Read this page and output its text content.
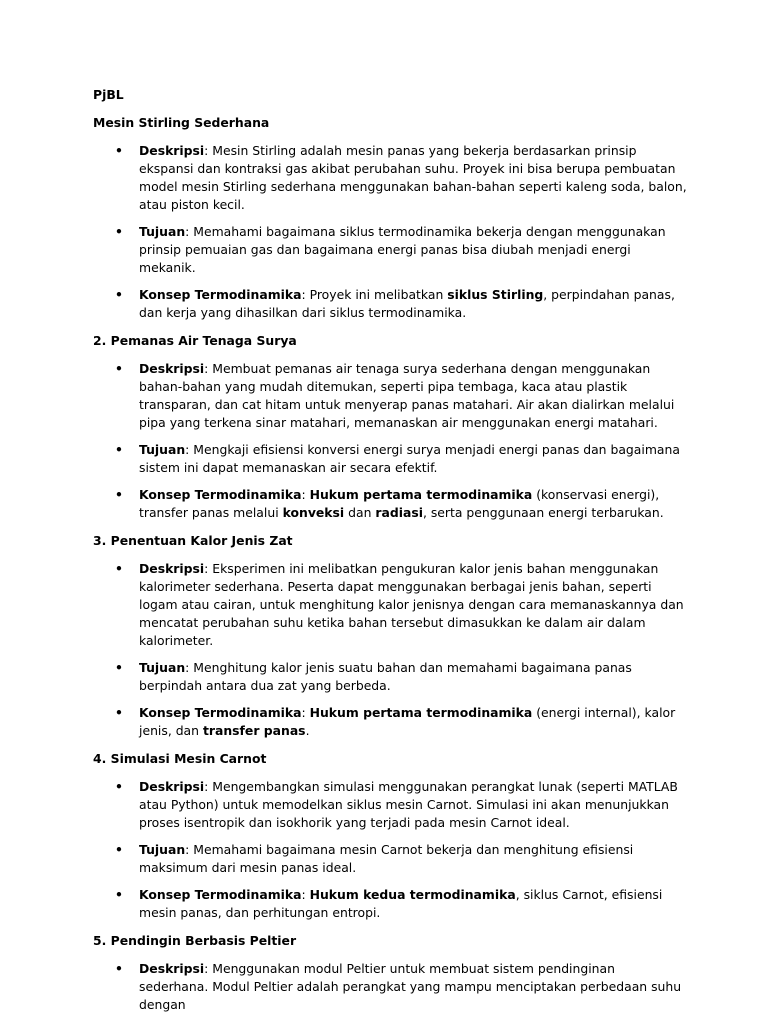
PjBL
Mesin Stirling Sederhana
• Deskripsi: Mesin Stirling adalah mesin panas yang bekerja berdasarkan prinsip ekspansi dan kontraksi gas akibat perubahan suhu. Proyek ini bisa berupa pembuatan model mesin Stirling sederhana menggunakan bahan-bahan seperti kaleng soda, balon, atau piston kecil.
• Tujuan: Memahami bagaimana siklus termodinamika bekerja dengan menggunakan prinsip pemuaian gas dan bagaimana energi panas bisa diubah menjadi energi mekanik.
• Konsep Termodinamika: Proyek ini melibatkan siklus Stirling, perpindahan panas, dan kerja yang dihasilkan dari siklus termodinamika.
2. Pemanas Air Tenaga Surya
• Deskripsi: Membuat pemanas air tenaga surya sederhana dengan menggunakan bahan-bahan yang mudah ditemukan, seperti pipa tembaga, kaca atau plastik transparan, dan cat hitam untuk menyerap panas matahari. Air akan dialirkan melalui pipa yang terkena sinar matahari, memanaskan air menggunakan energi matahari.
• Tujuan: Mengkaji efisiensi konversi energi surya menjadi energi panas dan bagaimana sistem ini dapat memanaskan air secara efektif.
• Konsep Termodinamika: Hukum pertama termodinamika (konservasi energi), transfer panas melalui konveksi dan radiasi, serta penggunaan energi terbarukan.
3. Penentuan Kalor Jenis Zat
• Deskripsi: Eksperimen ini melibatkan pengukuran kalor jenis bahan menggunakan kalorimeter sederhana. Peserta dapat menggunakan berbagai jenis bahan, seperti logam atau cairan, untuk menghitung kalor jenisnya dengan cara memanaskannya dan mencatat perubahan suhu ketika bahan tersebut dimasukkan ke dalam air dalam kalorimeter.
• Tujuan: Menghitung kalor jenis suatu bahan dan memahami bagaimana panas berpindah antara dua zat yang berbeda.
• Konsep Termodinamika: Hukum pertama termodinamika (energi internal), kalor jenis, dan transfer panas.
4. Simulasi Mesin Carnot
• Deskripsi: Mengembangkan simulasi menggunakan perangkat lunak (seperti MATLAB atau Python) untuk memodelkan siklus mesin Carnot. Simulasi ini akan menunjukkan proses isentropik dan isokhorik yang terjadi pada mesin Carnot ideal.
• Tujuan: Memahami bagaimana mesin Carnot bekerja dan menghitung efisiensi maksimum dari mesin panas ideal.
• Konsep Termodinamika: Hukum kedua termodinamika, siklus Carnot, efisiensi mesin panas, dan perhitungan entropi.
5. Pendingin Berbasis Peltier
• Deskripsi: Menggunakan modul Peltier untuk membuat sistem pendinginan sederhana. Modul Peltier adalah perangkat yang mampu menciptakan perbedaan suhu dengan
